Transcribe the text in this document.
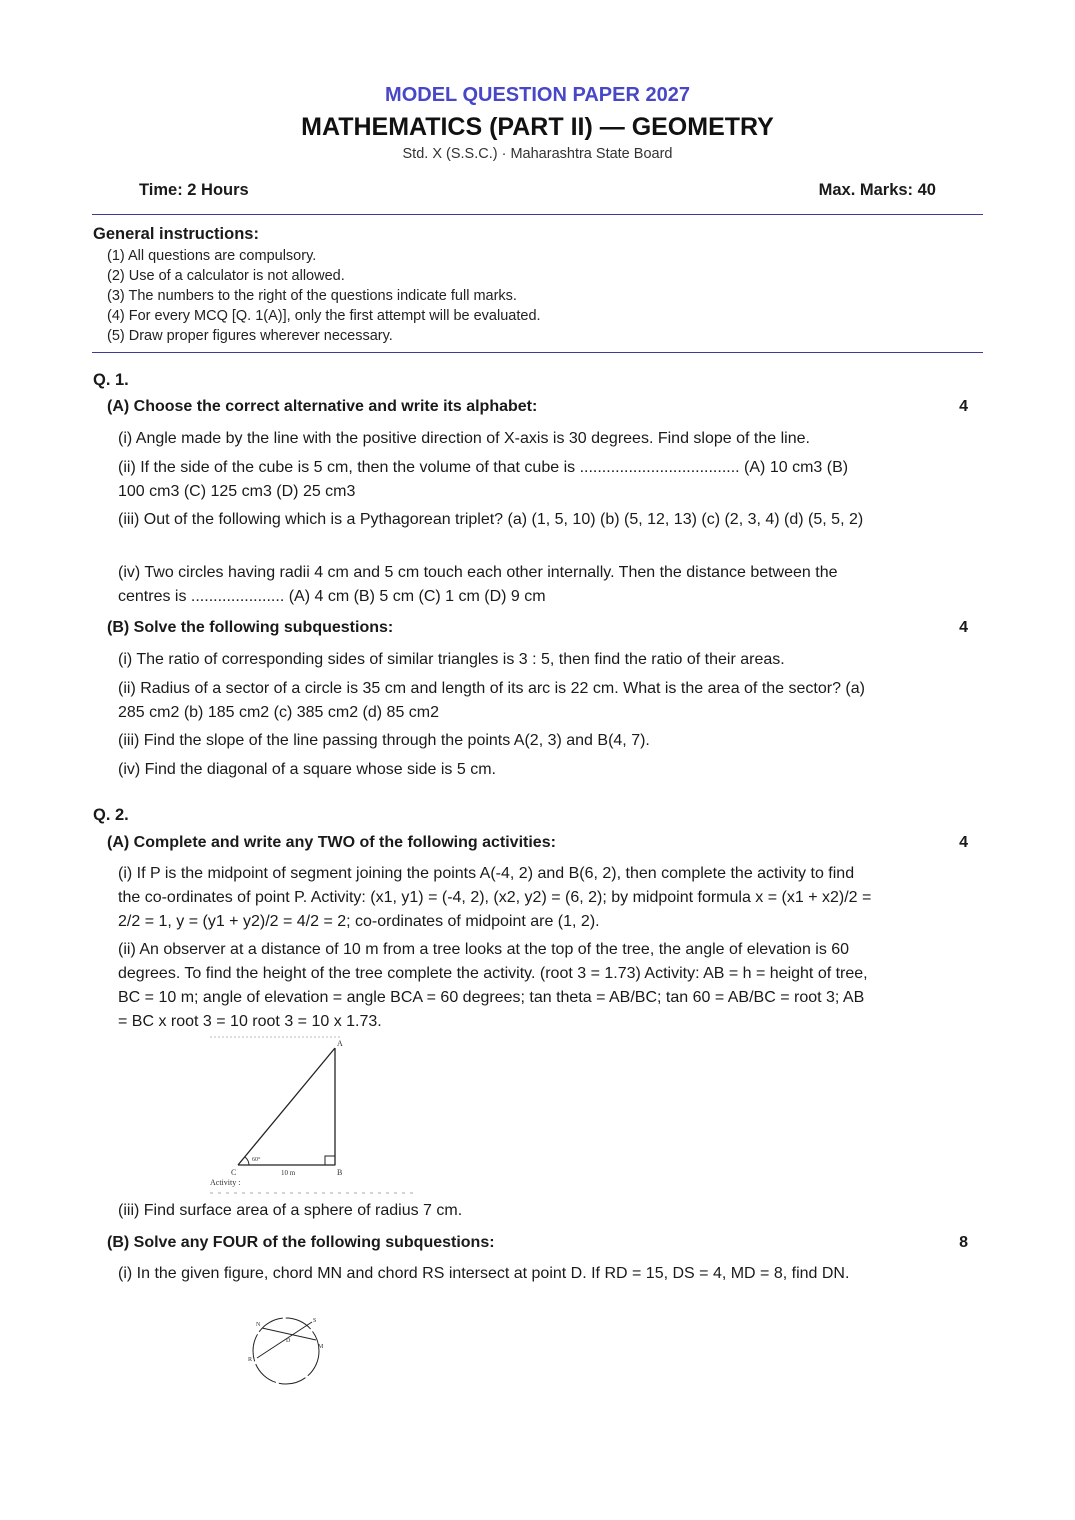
MODEL QUESTION PAPER 2027
MATHEMATICS (PART II) — GEOMETRY
Std. X (S.S.C.) · Maharashtra State Board
Time: 2 Hours	Max. Marks: 40
General instructions:
(1) All questions are compulsory.
(2) Use of a calculator is not allowed.
(3) The numbers to the right of the questions indicate full marks.
(4) For every MCQ [Q. 1(A)], only the first attempt will be evaluated.
(5) Draw proper figures wherever necessary.
Q. 1.
(A) Choose the correct alternative and write its alphabet:	4
(i) Angle made by the line with the positive direction of X-axis is 30 degrees. Find slope of the line.
(ii) If the side of the cube is 5 cm, then the volume of that cube is .................................... (A) 10 cm3 (B) 100 cm3 (C) 125 cm3 (D) 25 cm3
(iii) Out of the following which is a Pythagorean triplet? (a) (1, 5, 10) (b) (5, 12, 13) (c) (2, 3, 4) (d) (5, 5, 2)
(iv) Two circles having radii 4 cm and 5 cm touch each other internally. Then the distance between the centres is ..................... (A) 4 cm (B) 5 cm (C) 1 cm (D) 9 cm
(B) Solve the following subquestions:	4
(i) The ratio of corresponding sides of similar triangles is 3 : 5, then find the ratio of their areas.
(ii) Radius of a sector of a circle is 35 cm and length of its arc is 22 cm. What is the area of the sector? (a) 285 cm2 (b) 185 cm2 (c) 385 cm2 (d) 85 cm2
(iii) Find the slope of the line passing through the points A(2, 3) and B(4, 7).
(iv) Find the diagonal of a square whose side is 5 cm.
Q. 2.
(A) Complete and write any TWO of the following activities:	4
(i) If P is the midpoint of segment joining the points A(-4, 2) and B(6, 2), then complete the activity to find the co-ordinates of point P. Activity: (x1, y1) = (-4, 2), (x2, y2) = (6, 2); by midpoint formula x = (x1 + x2)/2 = 2/2 = 1, y = (y1 + y2)/2 = 4/2 = 2; co-ordinates of midpoint are (1, 2).
(ii) An observer at a distance of 10 m from a tree looks at the top of the tree, the angle of elevation is 60 degrees. To find the height of the tree complete the activity. (root 3 = 1.73) Activity: AB = h = height of tree, BC = 10 m; angle of elevation = angle BCA = 60 degrees; tan theta = AB/BC; tan 60 = AB/BC = root 3; AB = BC x root 3 = 10 root 3 = 10 x 1.73.
A
B
C	10 m
60°
Activity :
(iii) Find surface area of a sphere of radius 7 cm.
(B) Solve any FOUR of the following subquestions:	8
(i) In the given figure, chord MN and chord RS intersect at point D. If RD = 15, DS = 4, MD = 8, find DN.
N
S
R
M
D
